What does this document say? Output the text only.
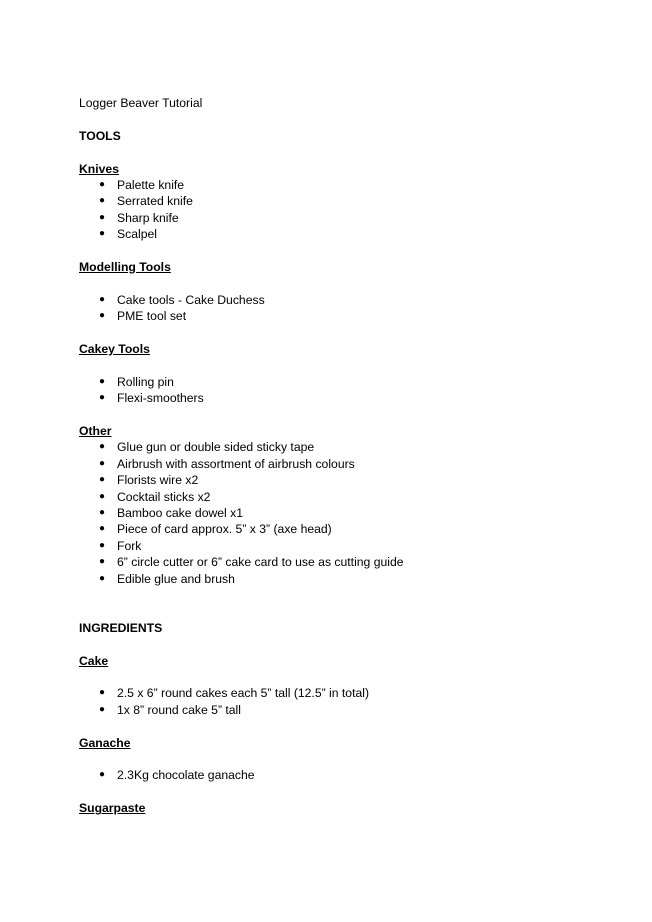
Logger Beaver Tutorial
TOOLS
Knives
● Palette knife
● Serrated knife
● Sharp knife
● Scalpel
Modelling Tools
● Cake tools - Cake Duchess
● PME tool set
Cakey Tools
● Rolling pin
● Flexi-smoothers
Other
● Glue gun or double sided sticky tape
● Airbrush with assortment of airbrush colours
● Florists wire x2
● Cocktail sticks x2
● Bamboo cake dowel x1
● Piece of card approx. 5” x 3” (axe head)
● Fork
● 6” circle cutter or 6” cake card to use as cutting guide
● Edible glue and brush
INGREDIENTS
Cake
● 2.5 x 6” round cakes each 5” tall (12.5” in total)
● 1x 8” round cake 5” tall
Ganache
● 2.3Kg chocolate ganache
Sugarpaste
